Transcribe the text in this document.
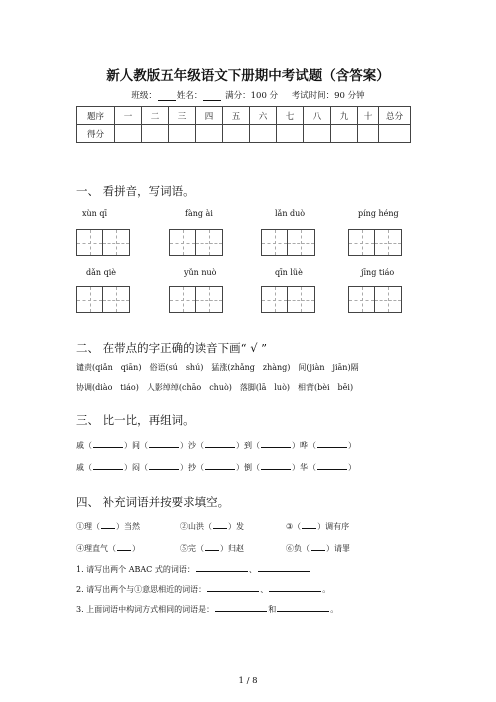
新人教版五年级语文下册期中考试题（含答案）
班级： 姓名：	满分：100 分 考试时间：90 分钟
题序	一	二	三	四	五	六	七	八	九	十	总分
得分											
一、 看拼音，写词语。
xùn qī	fàng ài	lǎn duò	píng héng
dǎn qiè	yǔn nuò	qīn lüè	jīng tiáo
二、 在带点的字正确的读音下画“ √ ”
谴责(qiǎn　qiān)　俗语(sú　shú)　猛涨(zhǎng　zhàng)　间(jiàn　jiān)隔
协调(diào　tiáo)　人影绰绰(chāo　chuò)　落脚(lā　luò)　相背(bèi　bēi)
三、 比一比，再组词。
戚（	）间（	）沙（	）到（	）哗（	）
戚（	）闷（	）抄（	）倒（	）华（	）
四、 补充词语并按要求填空。
①理（ ）当然	②山洪（ ）发	③（ ）调有序
④理直气（ ）	⑤完（ ）归赵	⑥负（ ）请罪
1. 请写出两个 ABAC 式的词语：	、
2. 请写出两个与①意思相近的词语：	、	。
3. 上面词语中构词方式相同的词语是：	和	。
1 / 8
